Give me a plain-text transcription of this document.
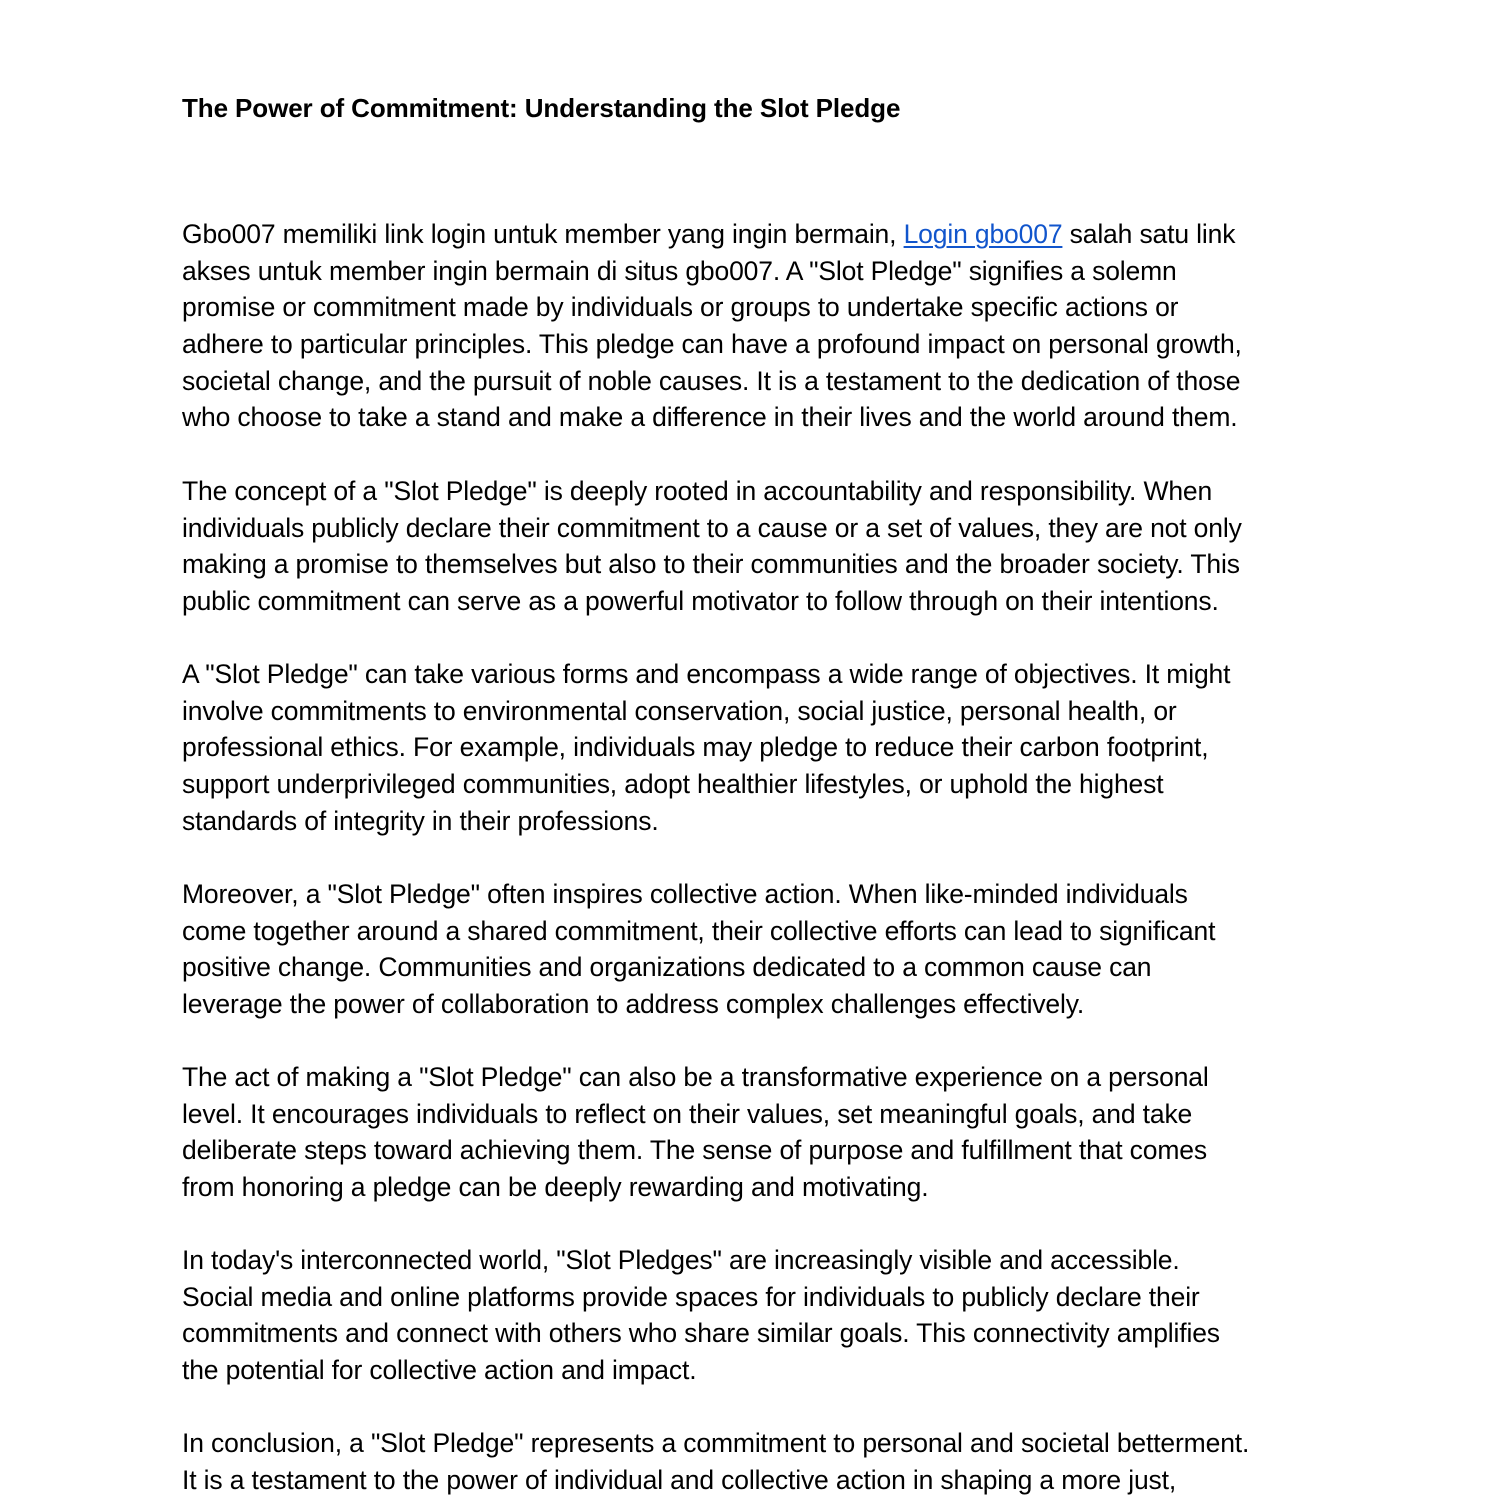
The Power of Commitment: Understanding the Slot Pledge

Gbo007 memiliki link login untuk member yang ingin bermain, Login gbo007 salah satu link
akses untuk member ingin bermain di situs gbo007. A "Slot Pledge" signifies a solemn
promise or commitment made by individuals or groups to undertake specific actions or
adhere to particular principles. This pledge can have a profound impact on personal growth,
societal change, and the pursuit of noble causes. It is a testament to the dedication of those
who choose to take a stand and make a difference in their lives and the world around them.

The concept of a "Slot Pledge" is deeply rooted in accountability and responsibility. When
individuals publicly declare their commitment to a cause or a set of values, they are not only
making a promise to themselves but also to their communities and the broader society. This
public commitment can serve as a powerful motivator to follow through on their intentions.

A "Slot Pledge" can take various forms and encompass a wide range of objectives. It might
involve commitments to environmental conservation, social justice, personal health, or
professional ethics. For example, individuals may pledge to reduce their carbon footprint,
support underprivileged communities, adopt healthier lifestyles, or uphold the highest
standards of integrity in their professions.

Moreover, a "Slot Pledge" often inspires collective action. When like-minded individuals
come together around a shared commitment, their collective efforts can lead to significant
positive change. Communities and organizations dedicated to a common cause can
leverage the power of collaboration to address complex challenges effectively.

The act of making a "Slot Pledge" can also be a transformative experience on a personal
level. It encourages individuals to reflect on their values, set meaningful goals, and take
deliberate steps toward achieving them. The sense of purpose and fulfillment that comes
from honoring a pledge can be deeply rewarding and motivating.

In today's interconnected world, "Slot Pledges" are increasingly visible and accessible.
Social media and online platforms provide spaces for individuals to publicly declare their
commitments and connect with others who share similar goals. This connectivity amplifies
the potential for collective action and impact.

In conclusion, a "Slot Pledge" represents a commitment to personal and societal betterment.
It is a testament to the power of individual and collective action in shaping a more just,
